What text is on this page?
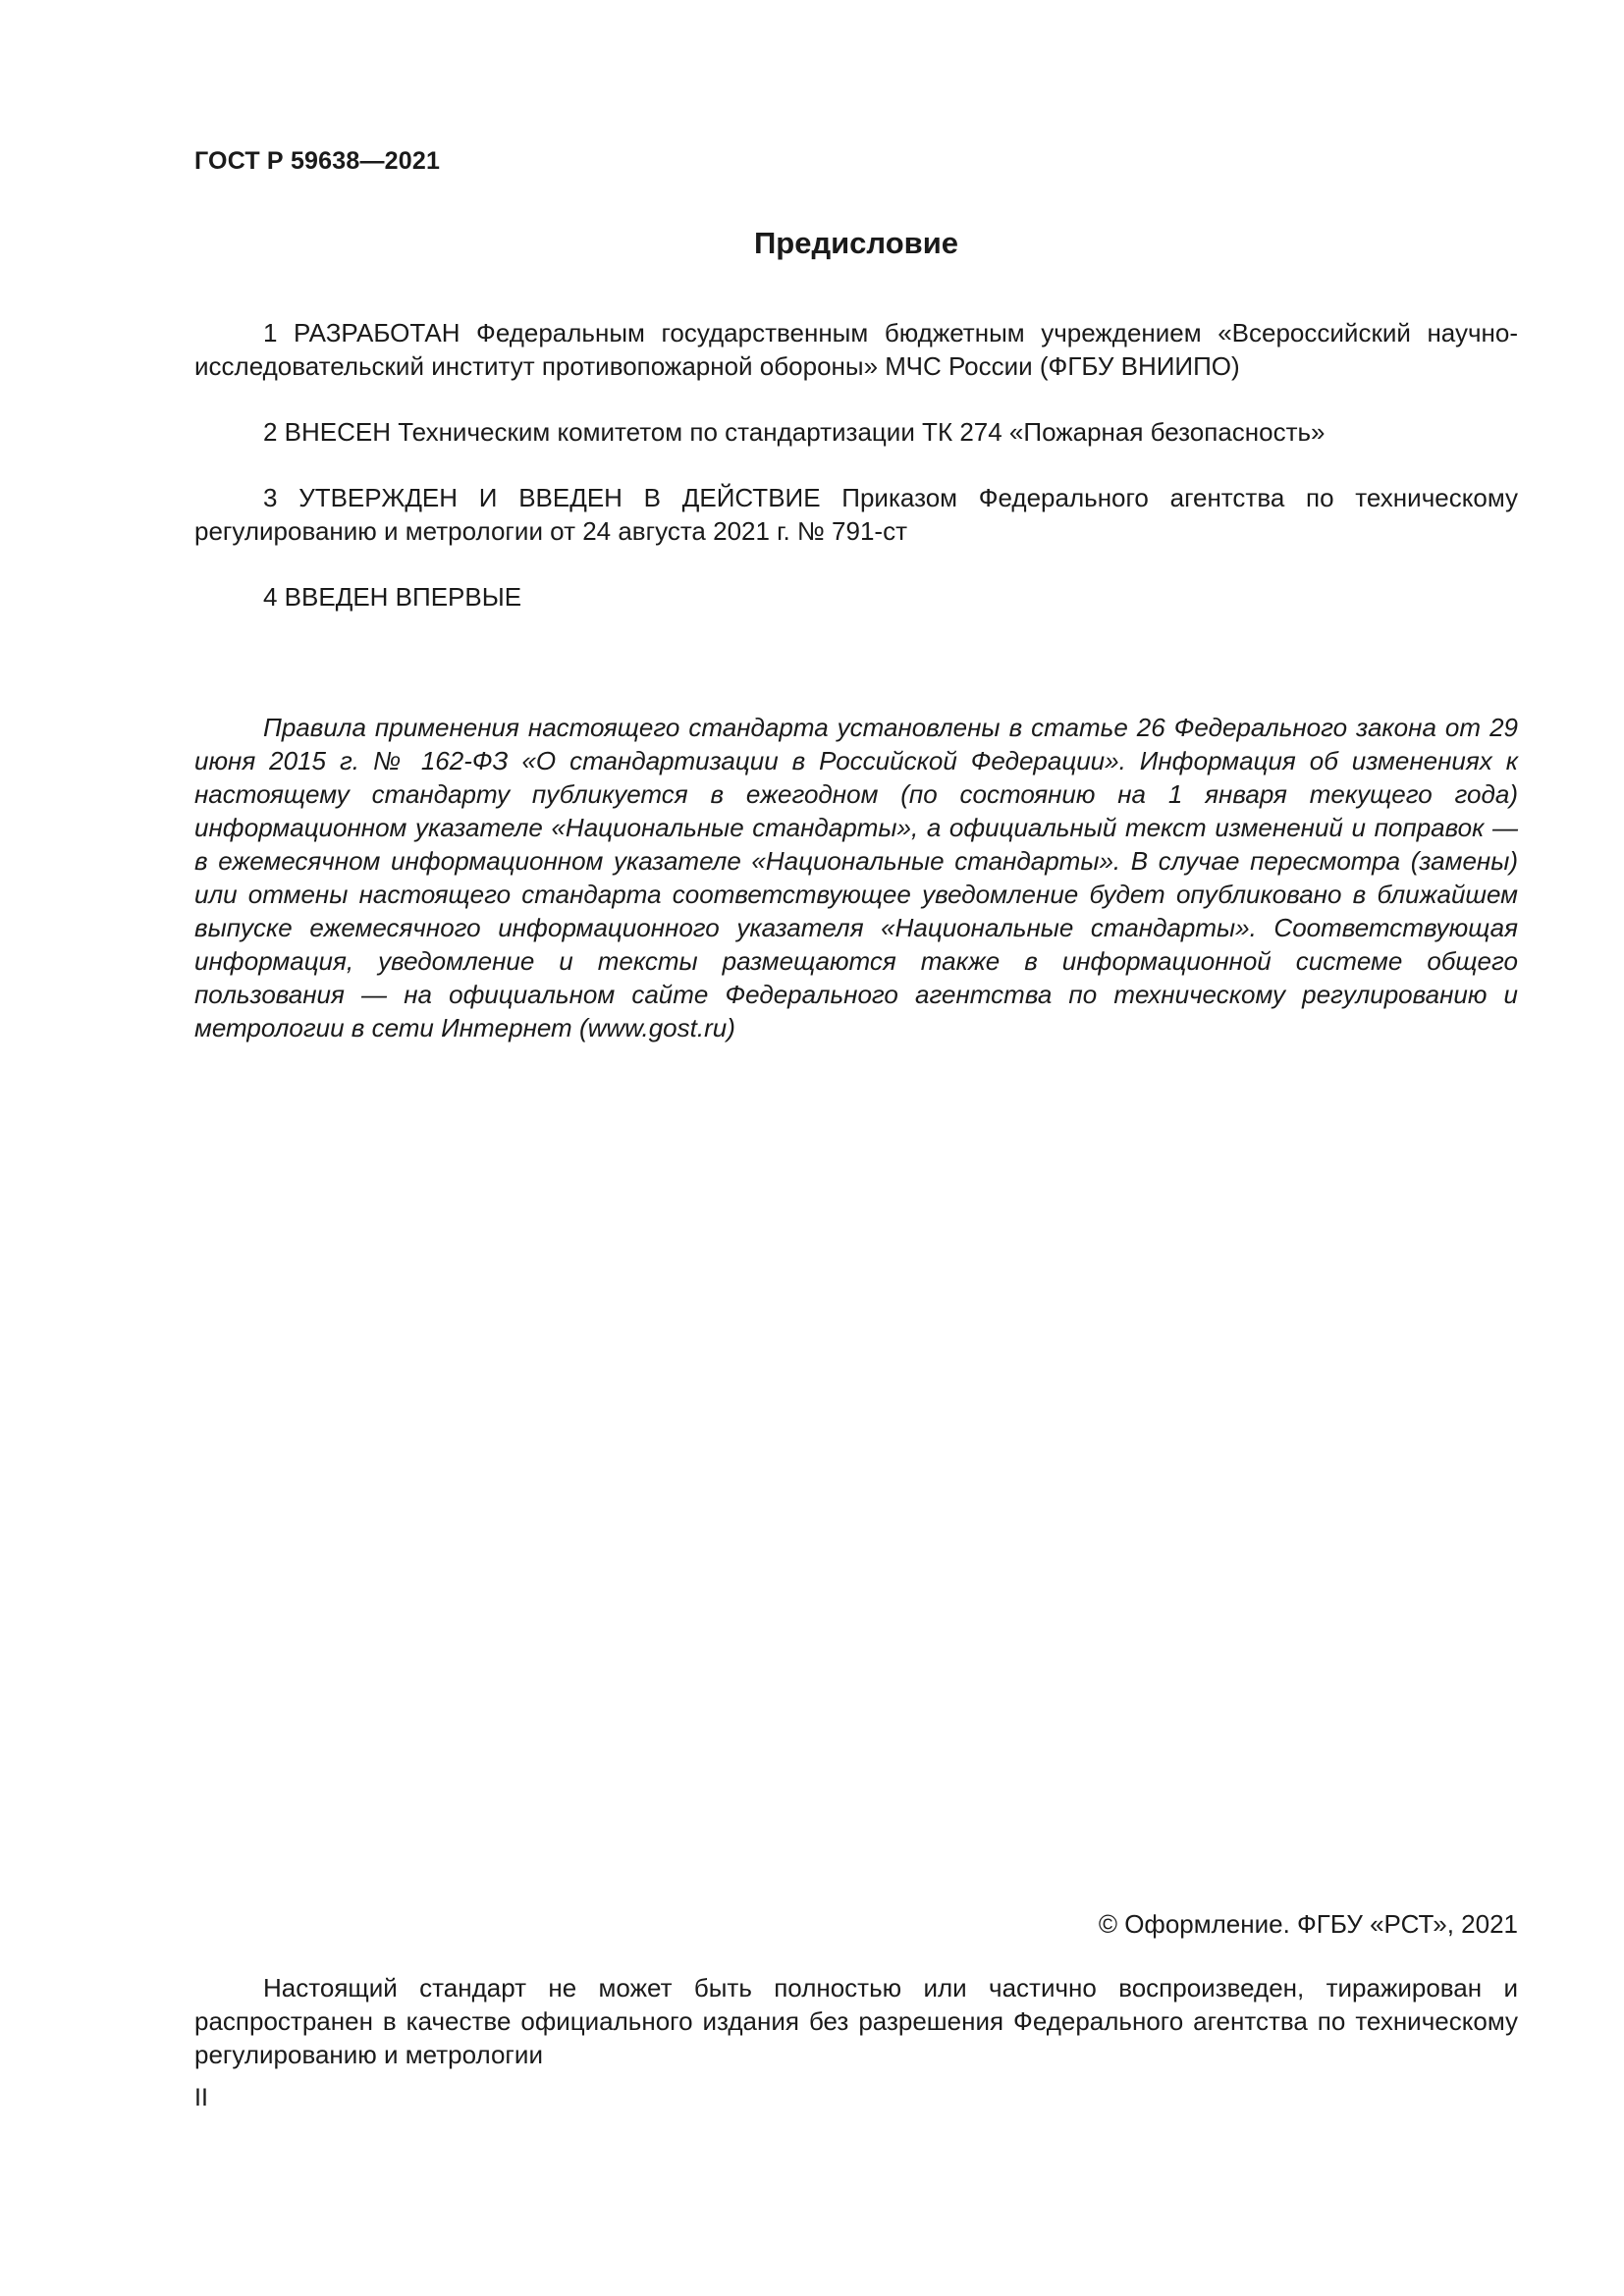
ГОСТ Р 59638—2021

Предисловие
1 РАЗРАБОТАН Федеральным государственным бюджетным учреждением «Всероссийский научно-исследовательский институт противопожарной обороны» МЧС России (ФГБУ ВНИИПО)
2 ВНЕСЕН Техническим комитетом по стандартизации ТК 274 «Пожарная безопасность»
3 УТВЕРЖДЕН И ВВЕДЕН В ДЕЙСТВИЕ Приказом Федерального агентства по техническому регулированию и метрологии от 24 августа 2021 г. № 791-ст
4 ВВЕДЕН ВПЕРВЫЕ

Правила применения настоящего стандарта установлены в статье 26 Федерального закона от 29 июня 2015 г. № 162-ФЗ «О стандартизации в Российской Федерации». Информация об изменениях к настоящему стандарту публикуется в ежегодном (по состоянию на 1 января текущего года) информационном указателе «Национальные стандарты», а официальный текст изменений и поправок — в ежемесячном информационном указателе «Национальные стандарты». В случае пересмотра (замены) или отмены настоящего стандарта соответствующее уведомление будет опубликовано в ближайшем выпуске ежемесячного информационного указателя «Национальные стандарты». Соответствующая информация, уведомление и тексты размещаются также в информационной системе общего пользования — на официальном сайте Федерального агентства по техническому регулированию и метрологии в сети Интернет (www.gost.ru)

© Оформление. ФГБУ «РСТ», 2021

Настоящий стандарт не может быть полностью или частично воспроизведен, тиражирован и распространен в качестве официального издания без разрешения Федерального агентства по техническому регулированию и метрологии

II
